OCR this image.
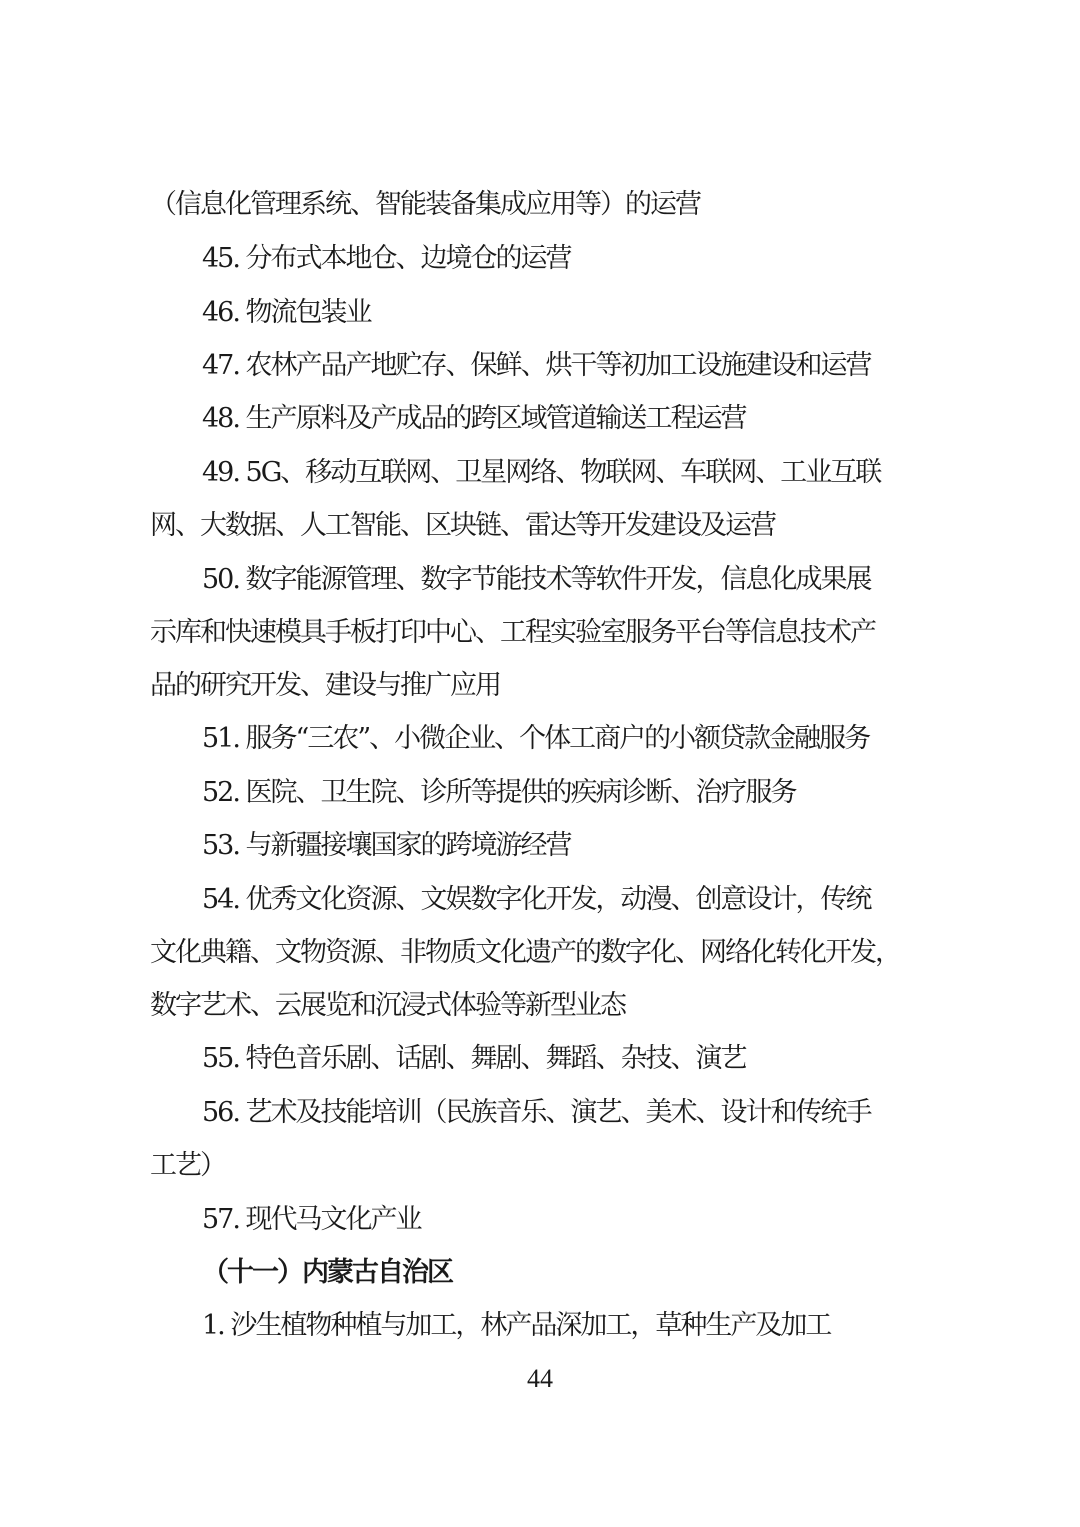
（信息化管理系统、智能装备集成应用等）的运营
45. 分布式本地仓、边境仓的运营
46. 物流包装业
47. 农林产品产地贮存、保鲜、烘干等初加工设施建设和运营
48. 生产原料及产成品的跨区域管道输送工程运营
49. 5G、移动互联网、卫星网络、物联网、车联网、工业互联
网、大数据、人工智能、区块链、雷达等开发建设及运营
50. 数字能源管理、数字节能技术等软件开发，信息化成果展
示库和快速模具手板打印中心、工程实验室服务平台等信息技术产
品的研究开发、建设与推广应用
51. 服务“三农”、小微企业、个体工商户的小额贷款金融服务
52. 医院、卫生院、诊所等提供的疾病诊断、治疗服务
53. 与新疆接壤国家的跨境游经营
54. 优秀文化资源、文娱数字化开发，动漫、创意设计，传统
文化典籍、文物资源、非物质文化遗产的数字化、网络化转化开发，
数字艺术、云展览和沉浸式体验等新型业态
55. 特色音乐剧、话剧、舞剧、舞蹈、杂技、演艺
56. 艺术及技能培训（民族音乐、演艺、美术、设计和传统手
工艺）
57. 现代马文化产业
（十一）内蒙古自治区
1. 沙生植物种植与加工，林产品深加工，草种生产及加工
44
